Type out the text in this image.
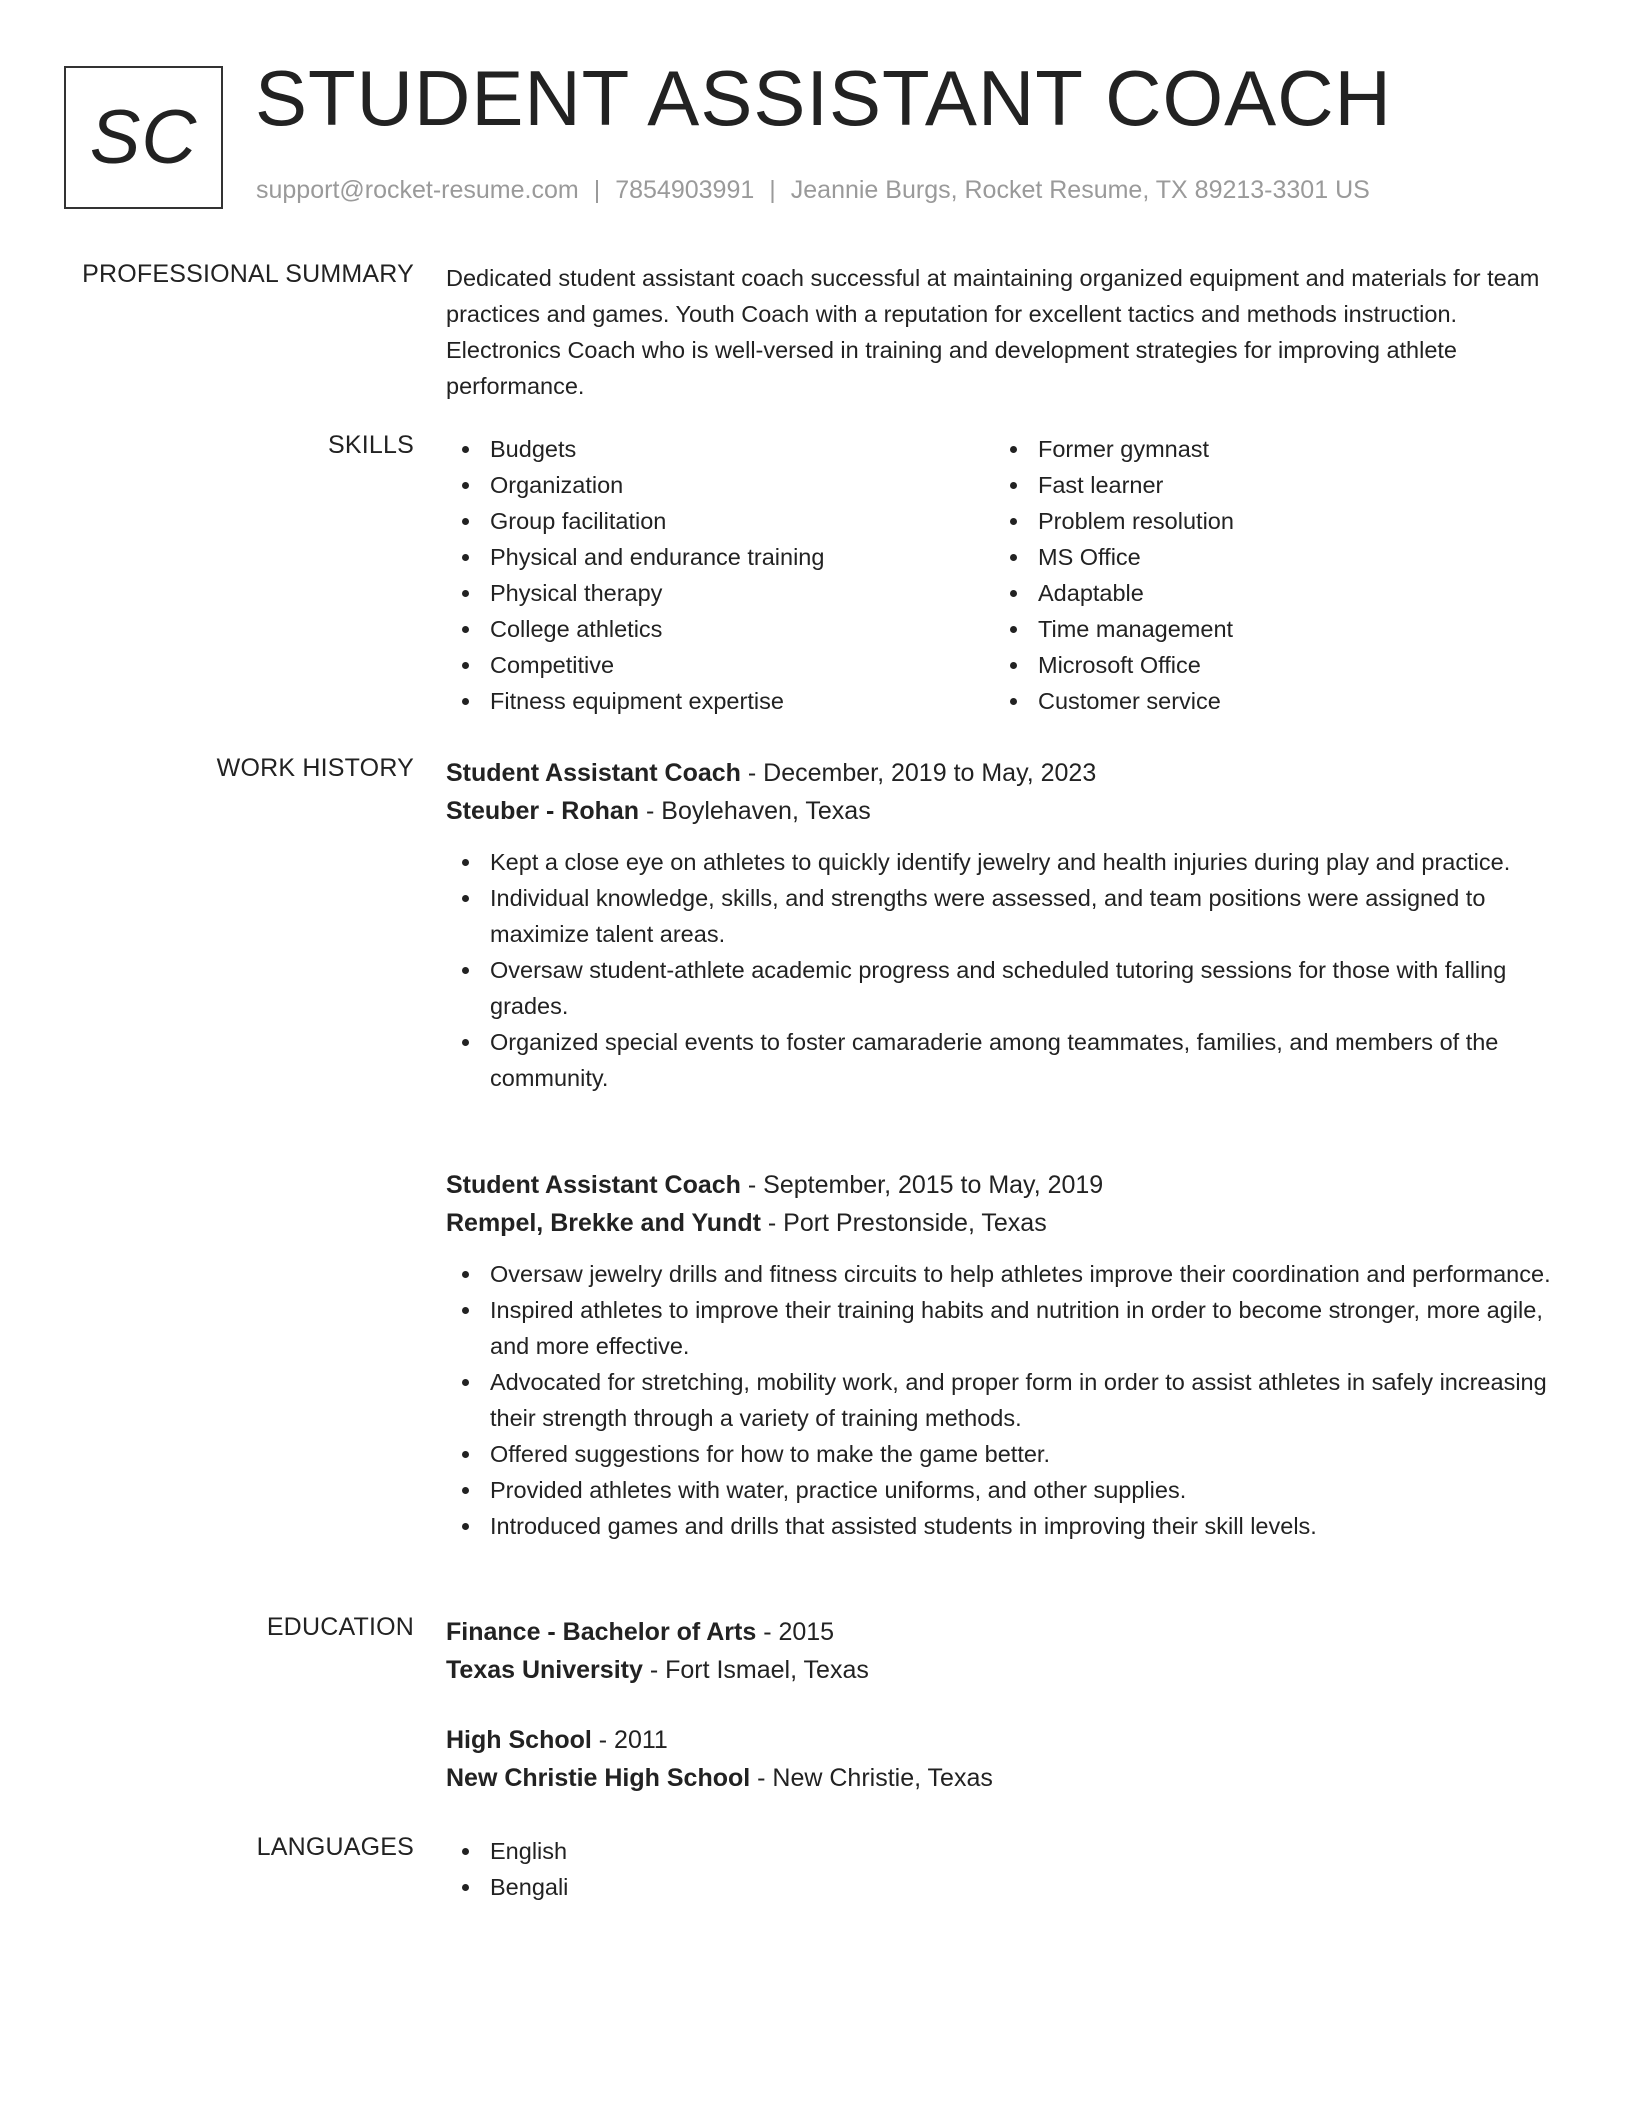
SC STUDENT ASSISTANT COACH
support@rocket-resume.com | 7854903991 | Jeannie Burgs, Rocket Resume, TX 89213-3301 US
PROFESSIONAL SUMMARY Dedicated student assistant coach successful at maintaining organized equipment and materials for team practices and games. Youth Coach with a reputation for excellent tactics and methods instruction. Electronics Coach who is well-versed in training and development strategies for improving athlete performance.

SKILLS	Budgets
Organization
Group facilitation
Physical and endurance training
Physical therapy
College athletics
Competitive
Fitness equipment expertise
Former gymnast
Fast learner
Problem resolution
MS Office
Adaptable
Time management
Microsoft Office
Customer service
WORK HISTORY Student Assistant Coach - December, 2019 to May, 2023
Steuber - Rohan - Boylehaven, Texas
Kept a close eye on athletes to quickly identify jewelry and health injuries during play and practice.
Individual knowledge, skills, and strengths were assessed, and team positions were assigned to maximize talent areas.
Oversaw student-athlete academic progress and scheduled tutoring sessions for those with falling grades.
Organized special events to foster camaraderie among teammates, families, and members of the community.
Student Assistant Coach - September, 2015 to May, 2019
Rempel, Brekke and Yundt - Port Prestonside, Texas
Oversaw jewelry drills and fitness circuits to help athletes improve their coordination and performance.
Inspired athletes to improve their training habits and nutrition in order to become stronger, more agile, and more effective.
Advocated for stretching, mobility work, and proper form in order to assist athletes in safely increasing their strength through a variety of training methods.
Offered suggestions for how to make the game better.
Provided athletes with water, practice uniforms, and other supplies.
Introduced games and drills that assisted students in improving their skill levels.
EDUCATION Finance - Bachelor of Arts - 2015
Texas University - Fort Ismael, Texas
High School - 2011
New Christie High School - New Christie, Texas
LANGUAGES	English
Bengali
